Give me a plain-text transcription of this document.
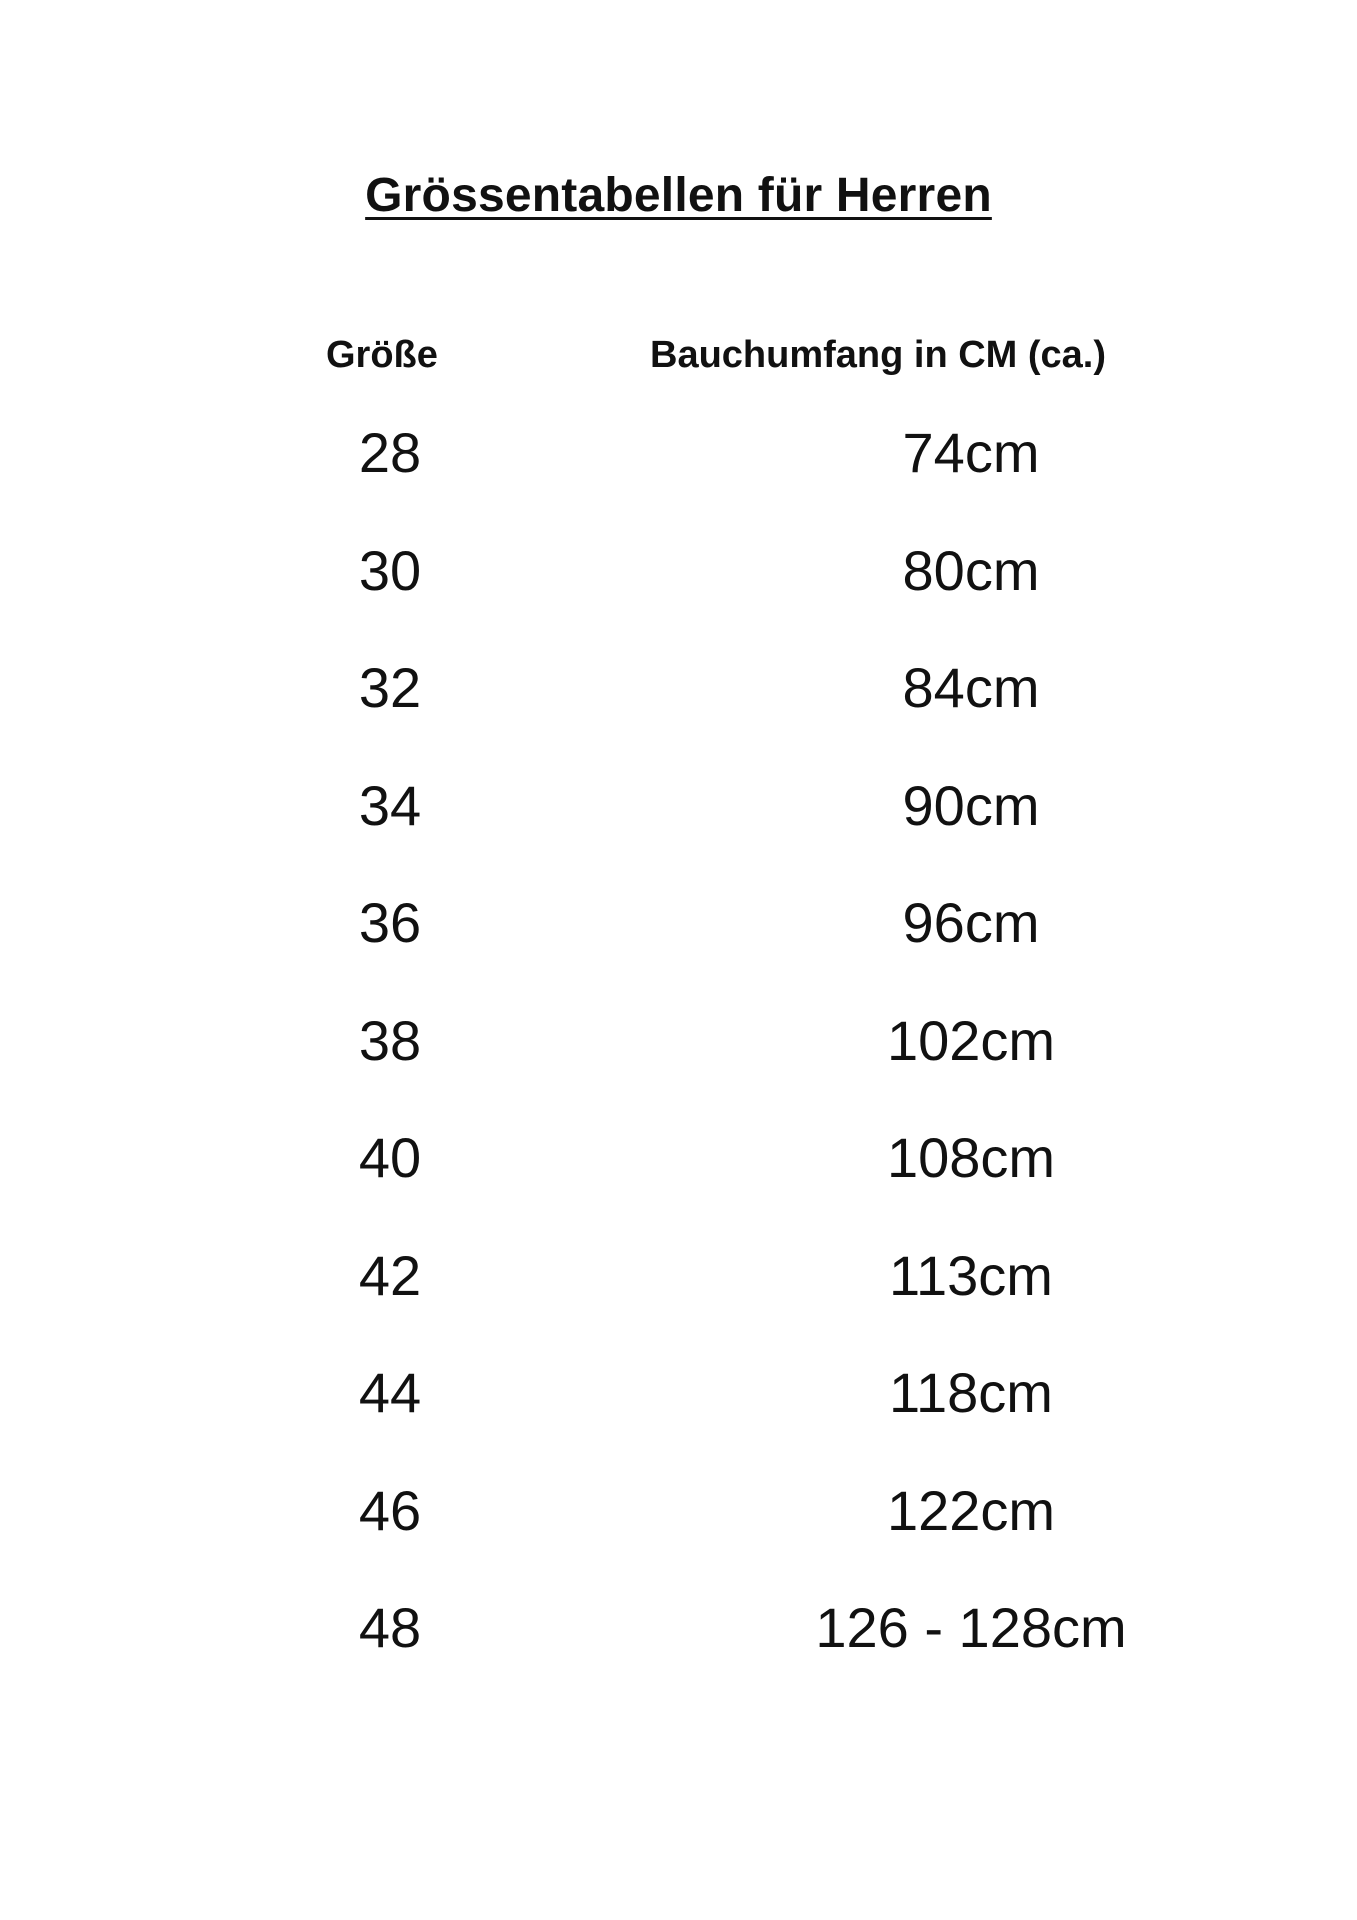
Grössentabellen für Herren
Größe	Bauchumfang in CM (ca.)
28	74cm
30	80cm
32	84cm
34	90cm
36	96cm
38	102cm
40	108cm
42	113cm
44	118cm
46	122cm
48	126 - 128cm
